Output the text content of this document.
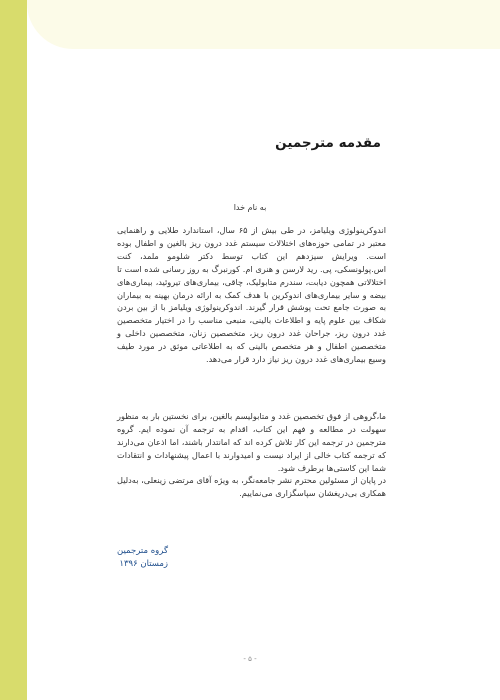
مقدمه مترجمين
به نام خدا

اندوکرینولوژی ویلیامز، در طی بیش از ۶۵ سال، استاندارد طلایی و راهنمایی معتبر در تمامی حوزه‌های اختلالات سیستم غدد درون ریز بالغین و اطفال بوده است. ویرایش سیزدهم این کتاب توسط دکتر شلومو ملمد، کنت اس.پولونسکی، پی. رید لارسن و هنری ام. کورنبرگ به روز رسانی شده است تا اختلالاتی همچون دیابت، سندرم متابولیک، چاقی، بیماری‌های تیروئید، بیماری‌های بیضه و سایر بیماری‌های اندوکرین با هدف کمک به ارائه درمان بهینه به بیماران به صورت جامع تحت پوشش قرار گیرند. اندوکرینولوژی ویلیامز با از بین بردن شکاف بین علوم پایه و اطلاعات بالینی، منبعی مناسب را در اختیار متخصصین غدد درون ریز، جراحان غدد درون ریز، متخصصین زنان، متخصصین داخلی و متخصصین اطفال و هر متخصص بالینی که به اطلاعاتی موثق در مورد طیف وسیع بیماری‌های غدد درون ریز نیاز دارد قرار می‌دهد.

ما،گروهی از فوق تخصصین غدد و متابولیسم بالغین، برای نخستین بار به منظور سهولت در مطالعه و فهم این کتاب، اقدام به ترجمه آن نموده ایم. گروه مترجمین در ترجمه این کار تلاش کرده اند که امانتدار باشند، اما اذعان می‌دارند که ترجمه کتاب خالی از ایراد نیست و امیدوارند با اعمال پیشنهادات و انتقادات شما این کاستی‌ها برطرف شود.

در پایان از مسئولین محترم نشر جامعه‌نگر، به ویژه آقای مرتضی زینعلی، به‌دلیل همکاری بی‌دریغشان سپاسگزاری می‌نماییم.

گروه مترجمین
زمستان ۱۳۹۶
- ۵ -
